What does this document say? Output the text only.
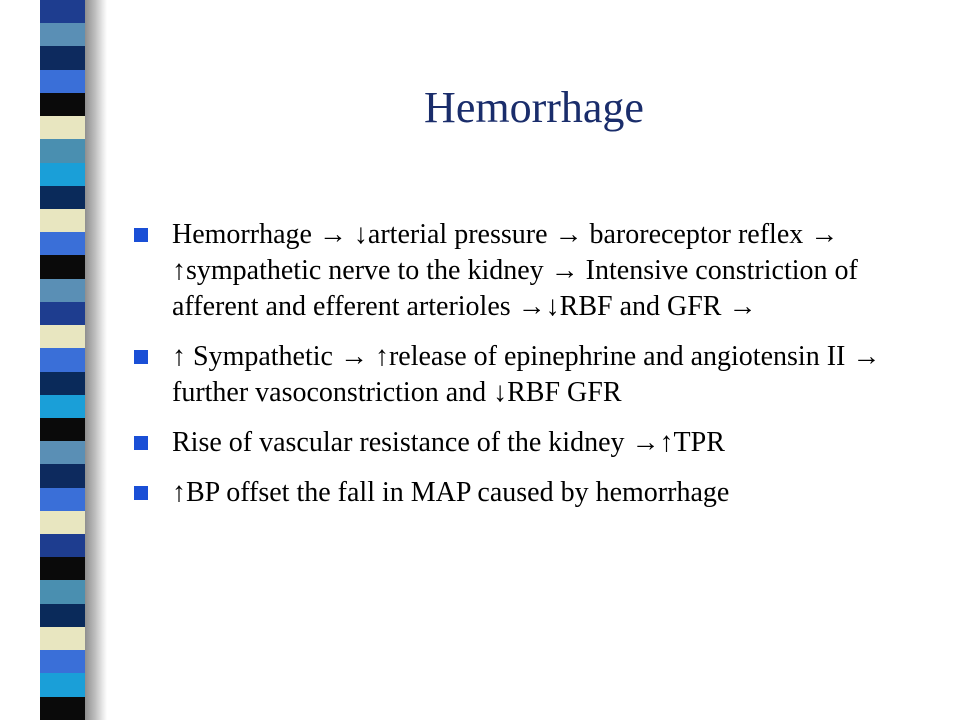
Hemorrhage
Hemorrhage → ↓arterial pressure → baroreceptor reflex → ↑sympathetic nerve to the kidney → Intensive constriction of afferent and efferent arterioles →↓RBF and GFR →
↑ Sympathetic → ↑release of epinephrine and angiotensin II → further vasoconstriction and ↓RBF GFR
Rise of vascular resistance of the kidney →↑TPR
↑BP offset the fall in MAP caused by hemorrhage
